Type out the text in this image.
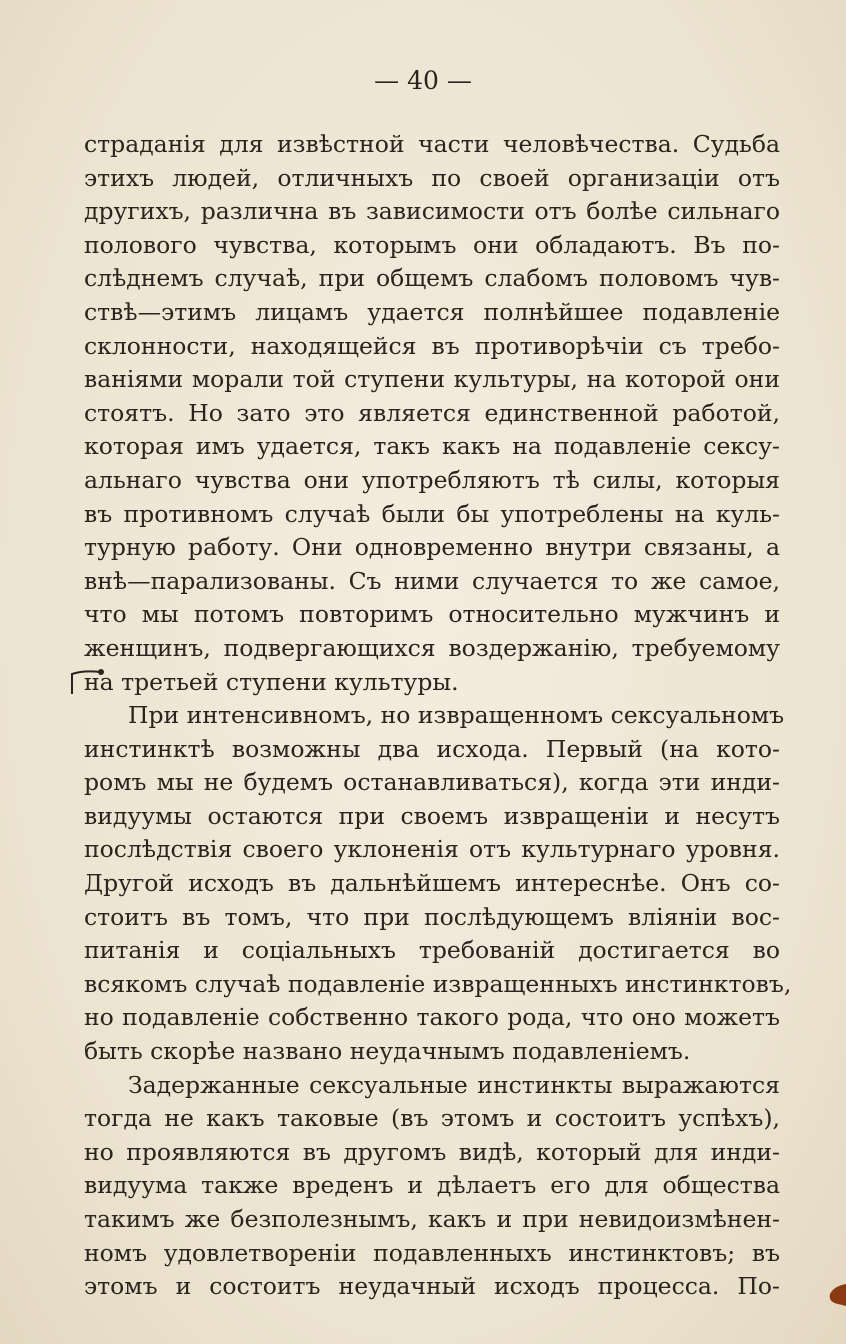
— 40 —
страданія для извѣстной части человѣчества. Судьба
этихъ людей, отличныхъ по своей организаціи отъ
другихъ, различна въ зависимости отъ болѣе сильнаго
полового чувства, которымъ они обладаютъ. Въ по-
слѣднемъ случаѣ, при общемъ слабомъ половомъ чув-
ствѣ—этимъ лицамъ удается полнѣйшее подавленіе
склонности, находящейся въ противорѣчіи съ требо-
ваніями морали той ступени культуры, на которой они
стоятъ. Но зато это является единственной работой,
которая имъ удается, такъ какъ на подавленіе сексу-
альнаго чувства они употребляютъ тѣ силы, которыя
въ противномъ случаѣ были бы употреблены на куль-
турную работу. Они одновременно внутри связаны, а
внѣ—парализованы. Съ ними случается то же самое,
что мы потомъ повторимъ относительно мужчинъ и
женщинъ, подвергающихся воздержанію, требуемому
на третьей ступени культуры.
При интенсивномъ, но извращенномъ сексуальномъ
инстинктѣ возможны два исхода. Первый (на кото-
ромъ мы не будемъ останавливаться), когда эти инди-
видуумы остаются при своемъ извращеніи и несутъ
послѣдствія своего уклоненія отъ культурнаго уровня.
Другой исходъ въ дальнѣйшемъ интереснѣе. Онъ со-
стоитъ въ томъ, что при послѣдующемъ вліяніи вос-
питанія и соціальныхъ требованій достигается во
всякомъ случаѣ подавленіе извращенныхъ инстинктовъ,
но подавленіе собственно такого рода, что оно можетъ
быть скорѣе названо неудачнымъ подавленіемъ.
Задержанные сексуальные инстинкты выражаются
тогда не какъ таковые (въ этомъ и состоитъ успѣхъ),
но проявляются въ другомъ видѣ, который для инди-
видуума также вреденъ и дѣлаетъ его для общества
такимъ же безполезнымъ, какъ и при невидоизмѣнен-
номъ удовлетвореніи подавленныхъ инстинктовъ; въ
этомъ и состоитъ неудачный исходъ процесса. По-
